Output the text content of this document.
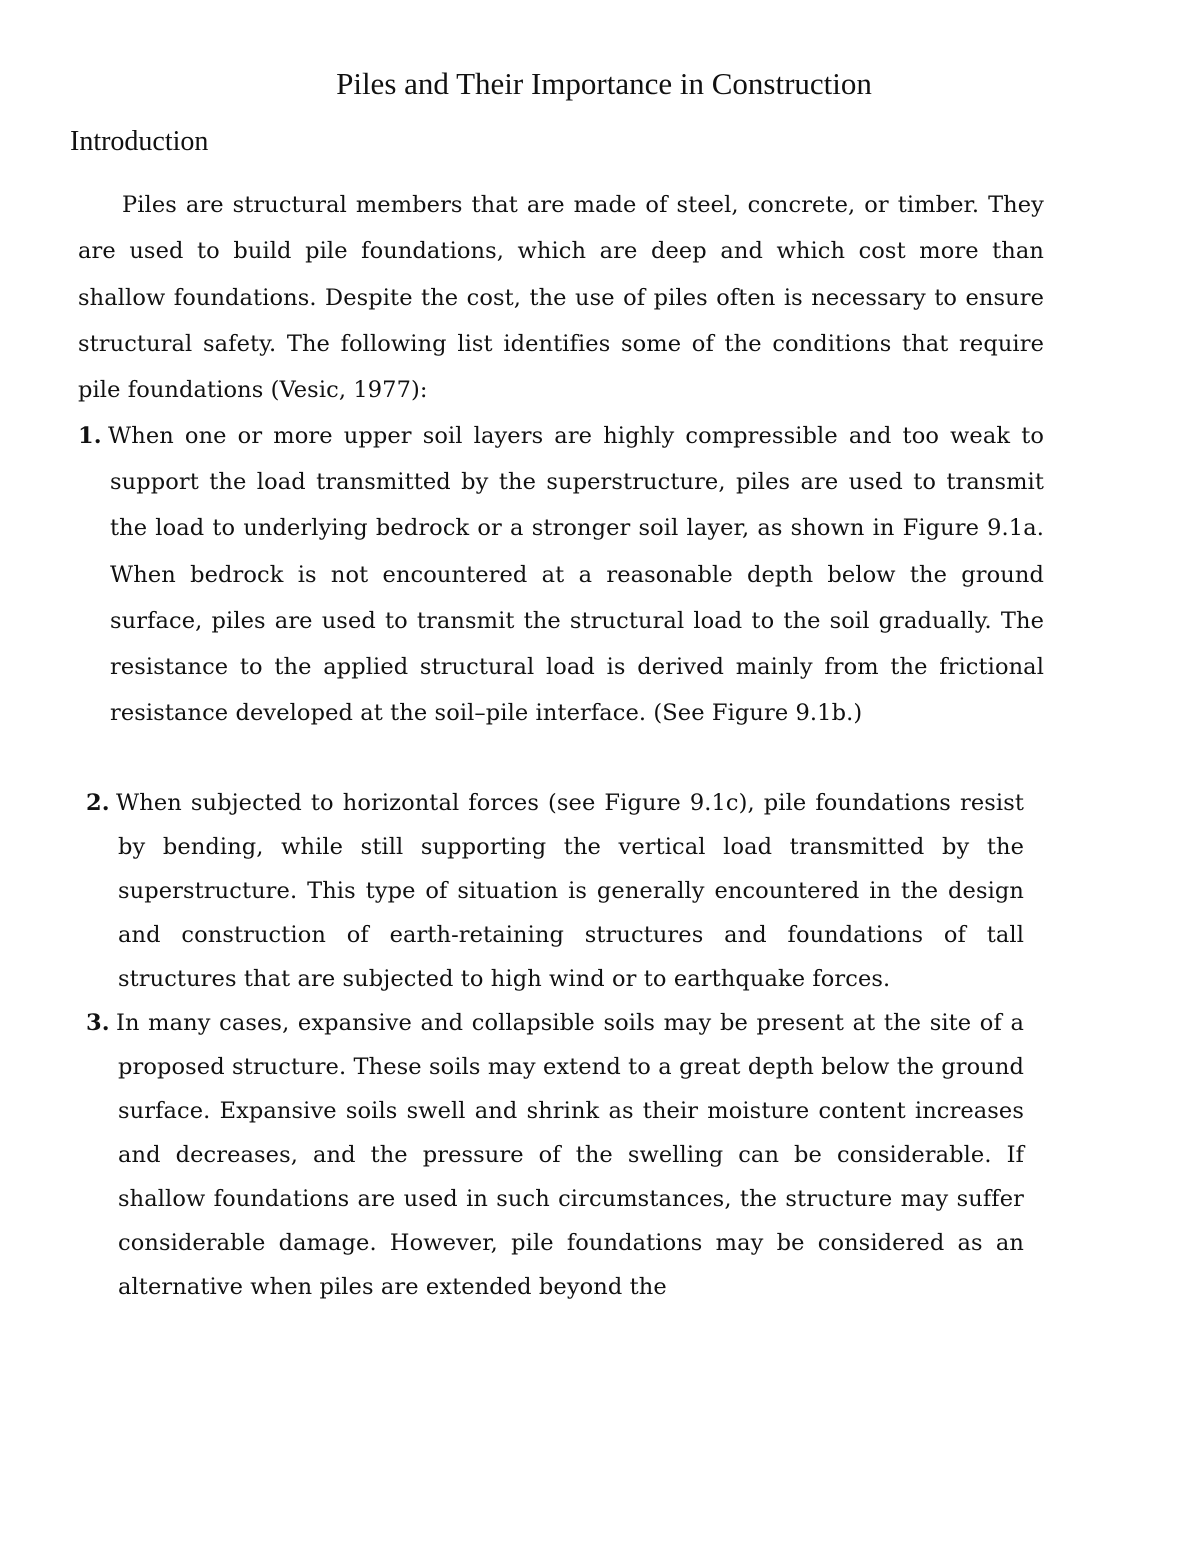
Piles and Their Importance in Construction
Introduction

Piles are structural members that are made of steel, concrete, or timber. They are used to build pile foundations, which are deep and which cost more than shallow foundations. Despite the cost, the use of piles often is necessary to ensure structural safety. The following list identifies some of the conditions that require pile foundations (Vesic, 1977):

1. When one or more upper soil layers are highly compressible and too weak to support the load transmitted by the superstructure, piles are used to transmit the load to underlying bedrock or a stronger soil layer, as shown in Figure 9.1a. When bedrock is not encountered at a reasonable depth below the ground surface, piles are used to transmit the structural load to the soil gradually. The resistance to the applied structural load is derived mainly from the frictional resistance developed at the soil–pile interface. (See Figure 9.1b.)

2. When subjected to horizontal forces (see Figure 9.1c), pile foundations resist by bending, while still supporting the vertical load transmitted by the superstructure. This type of situation is generally encountered in the design and construction of earth-retaining structures and foundations of tall structures that are subjected to high wind or to earthquake forces.

3. In many cases, expansive and collapsible soils may be present at the site of a proposed structure. These soils may extend to a great depth below the ground surface. Expansive soils swell and shrink as their moisture content increases and decreases, and the pressure of the swelling can be considerable. If shallow foundations are used in such circumstances, the structure may suffer considerable damage. However, pile foundations may be considered as an alternative when piles are extended beyond the
